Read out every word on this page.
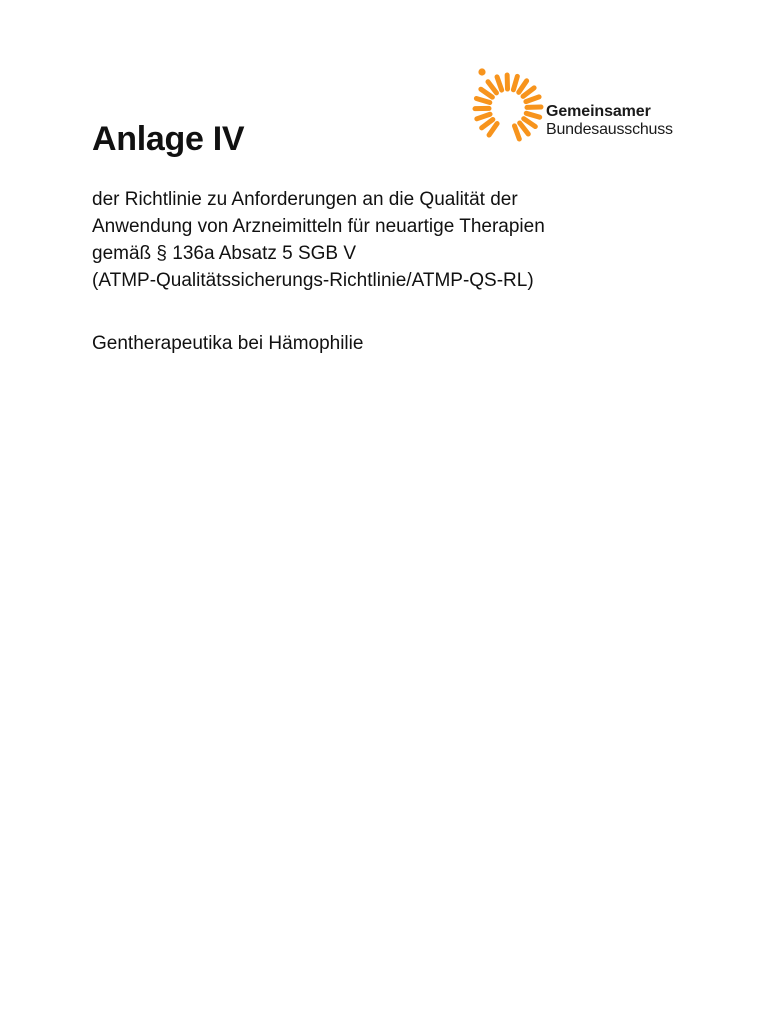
Gemeinsamer
Bundesausschuss
Anlage IV

der Richtlinie zu Anforderungen an die Qualität der
Anwendung von Arzneimitteln für neuartige Therapien
gemäß § 136a Absatz 5 SGB V
(ATMP-Qualitätssicherungs-Richtlinie/ATMP-QS-RL)

Gentherapeutika bei Hämophilie
